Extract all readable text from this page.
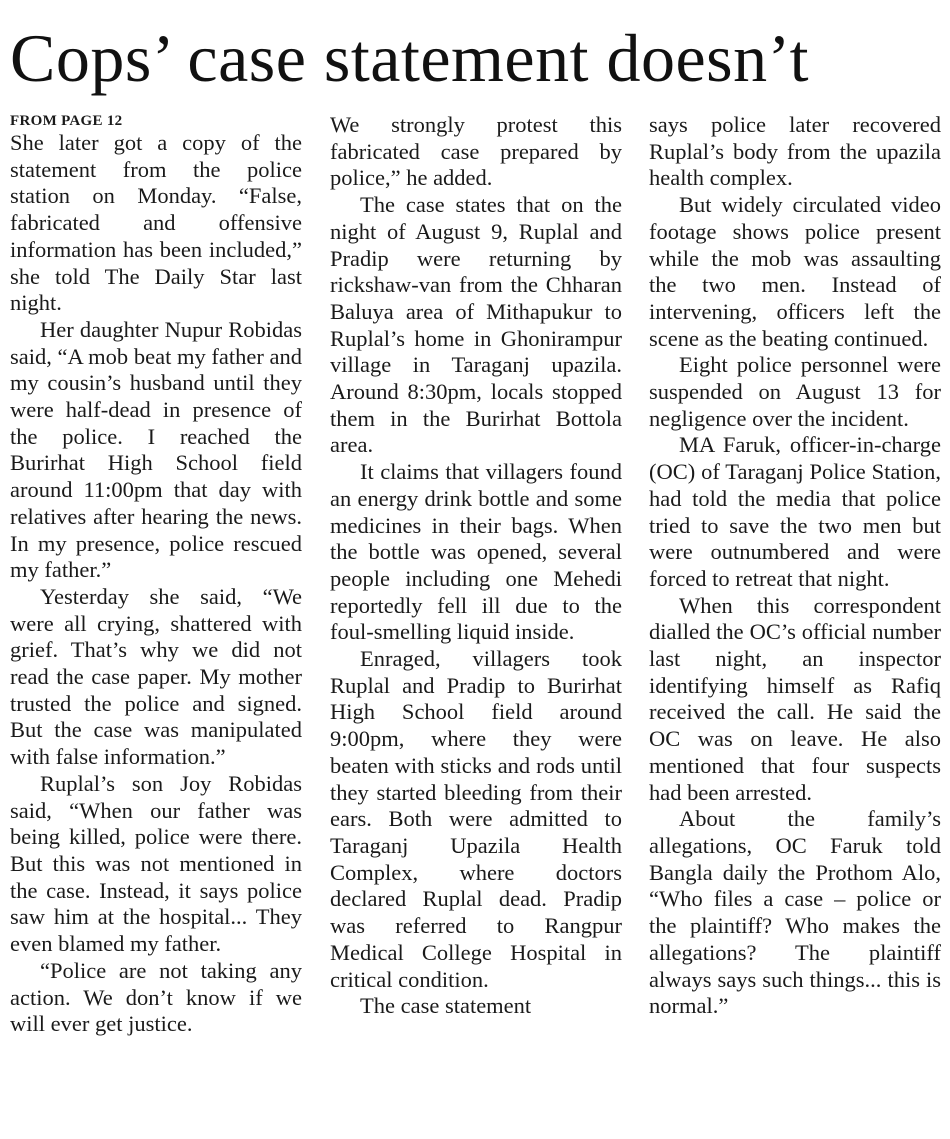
Cops’ case statement doesn’t
FROM PAGE 12

She later got a copy of the statement from the police station on Monday. “False, fabricated and offensive information has been included,” she told The Daily Star last night.

Her daughter Nupur Robidas said, “A mob beat my father and my cousin’s husband until they were half-dead in presence of the police. I reached the Burirhat High School field around 11:00pm that day with relatives after hearing the news. In my presence, police rescued my father.”

Yesterday she said, “We were all crying, shattered with grief. That’s why we did not read the case paper. My mother trusted the police and signed. But the case was manipulated with false information.”

Ruplal’s son Joy Robidas said, “When our father was being killed, police were there. But this was not mentioned in the case. Instead, it says police saw him at the hospital... They even blamed my father.

“Police are not taking any action. We don’t know if we will ever get justice.

We strongly protest this fabricated case prepared by police,” he added.

The case states that on the night of August 9, Ruplal and Pradip were returning by rickshaw-van from the Chharan Baluya area of Mithapukur to Ruplal’s home in Ghonirampur village in Taraganj upazila. Around 8:30pm, locals stopped them in the Burirhat Bottola area.

It claims that villagers found an energy drink bottle and some medicines in their bags. When the bottle was opened, several people including one Mehedi reportedly fell ill due to the foul-smelling liquid inside.

Enraged, villagers took Ruplal and Pradip to Burirhat High School field around 9:00pm, where they were beaten with sticks and rods until they started bleeding from their ears. Both were admitted to Taraganj Upazila Health Complex, where doctors declared Ruplal dead. Pradip was referred to Rangpur Medical College Hospital in critical condition.

The case statement

says police later recovered Ruplal’s body from the upazila health complex.

But widely circulated video footage shows police present while the mob was assaulting the two men. Instead of intervening, officers left the scene as the beating continued.

Eight police personnel were suspended on August 13 for negligence over the incident.

MA Faruk, officer-in-charge (OC) of Taraganj Police Station, had told the media that police tried to save the two men but were outnumbered and were forced to retreat that night.

When this correspondent dialled the OC’s official number last night, an inspector identifying himself as Rafiq received the call. He said the OC was on leave. He also mentioned that four suspects had been arrested.

About the family’s allegations, OC Faruk told Bangla daily the Prothom Alo, “Who files a case – police or the plaintiff? Who makes the allegations? The plaintiff always says such things... this is normal.”
